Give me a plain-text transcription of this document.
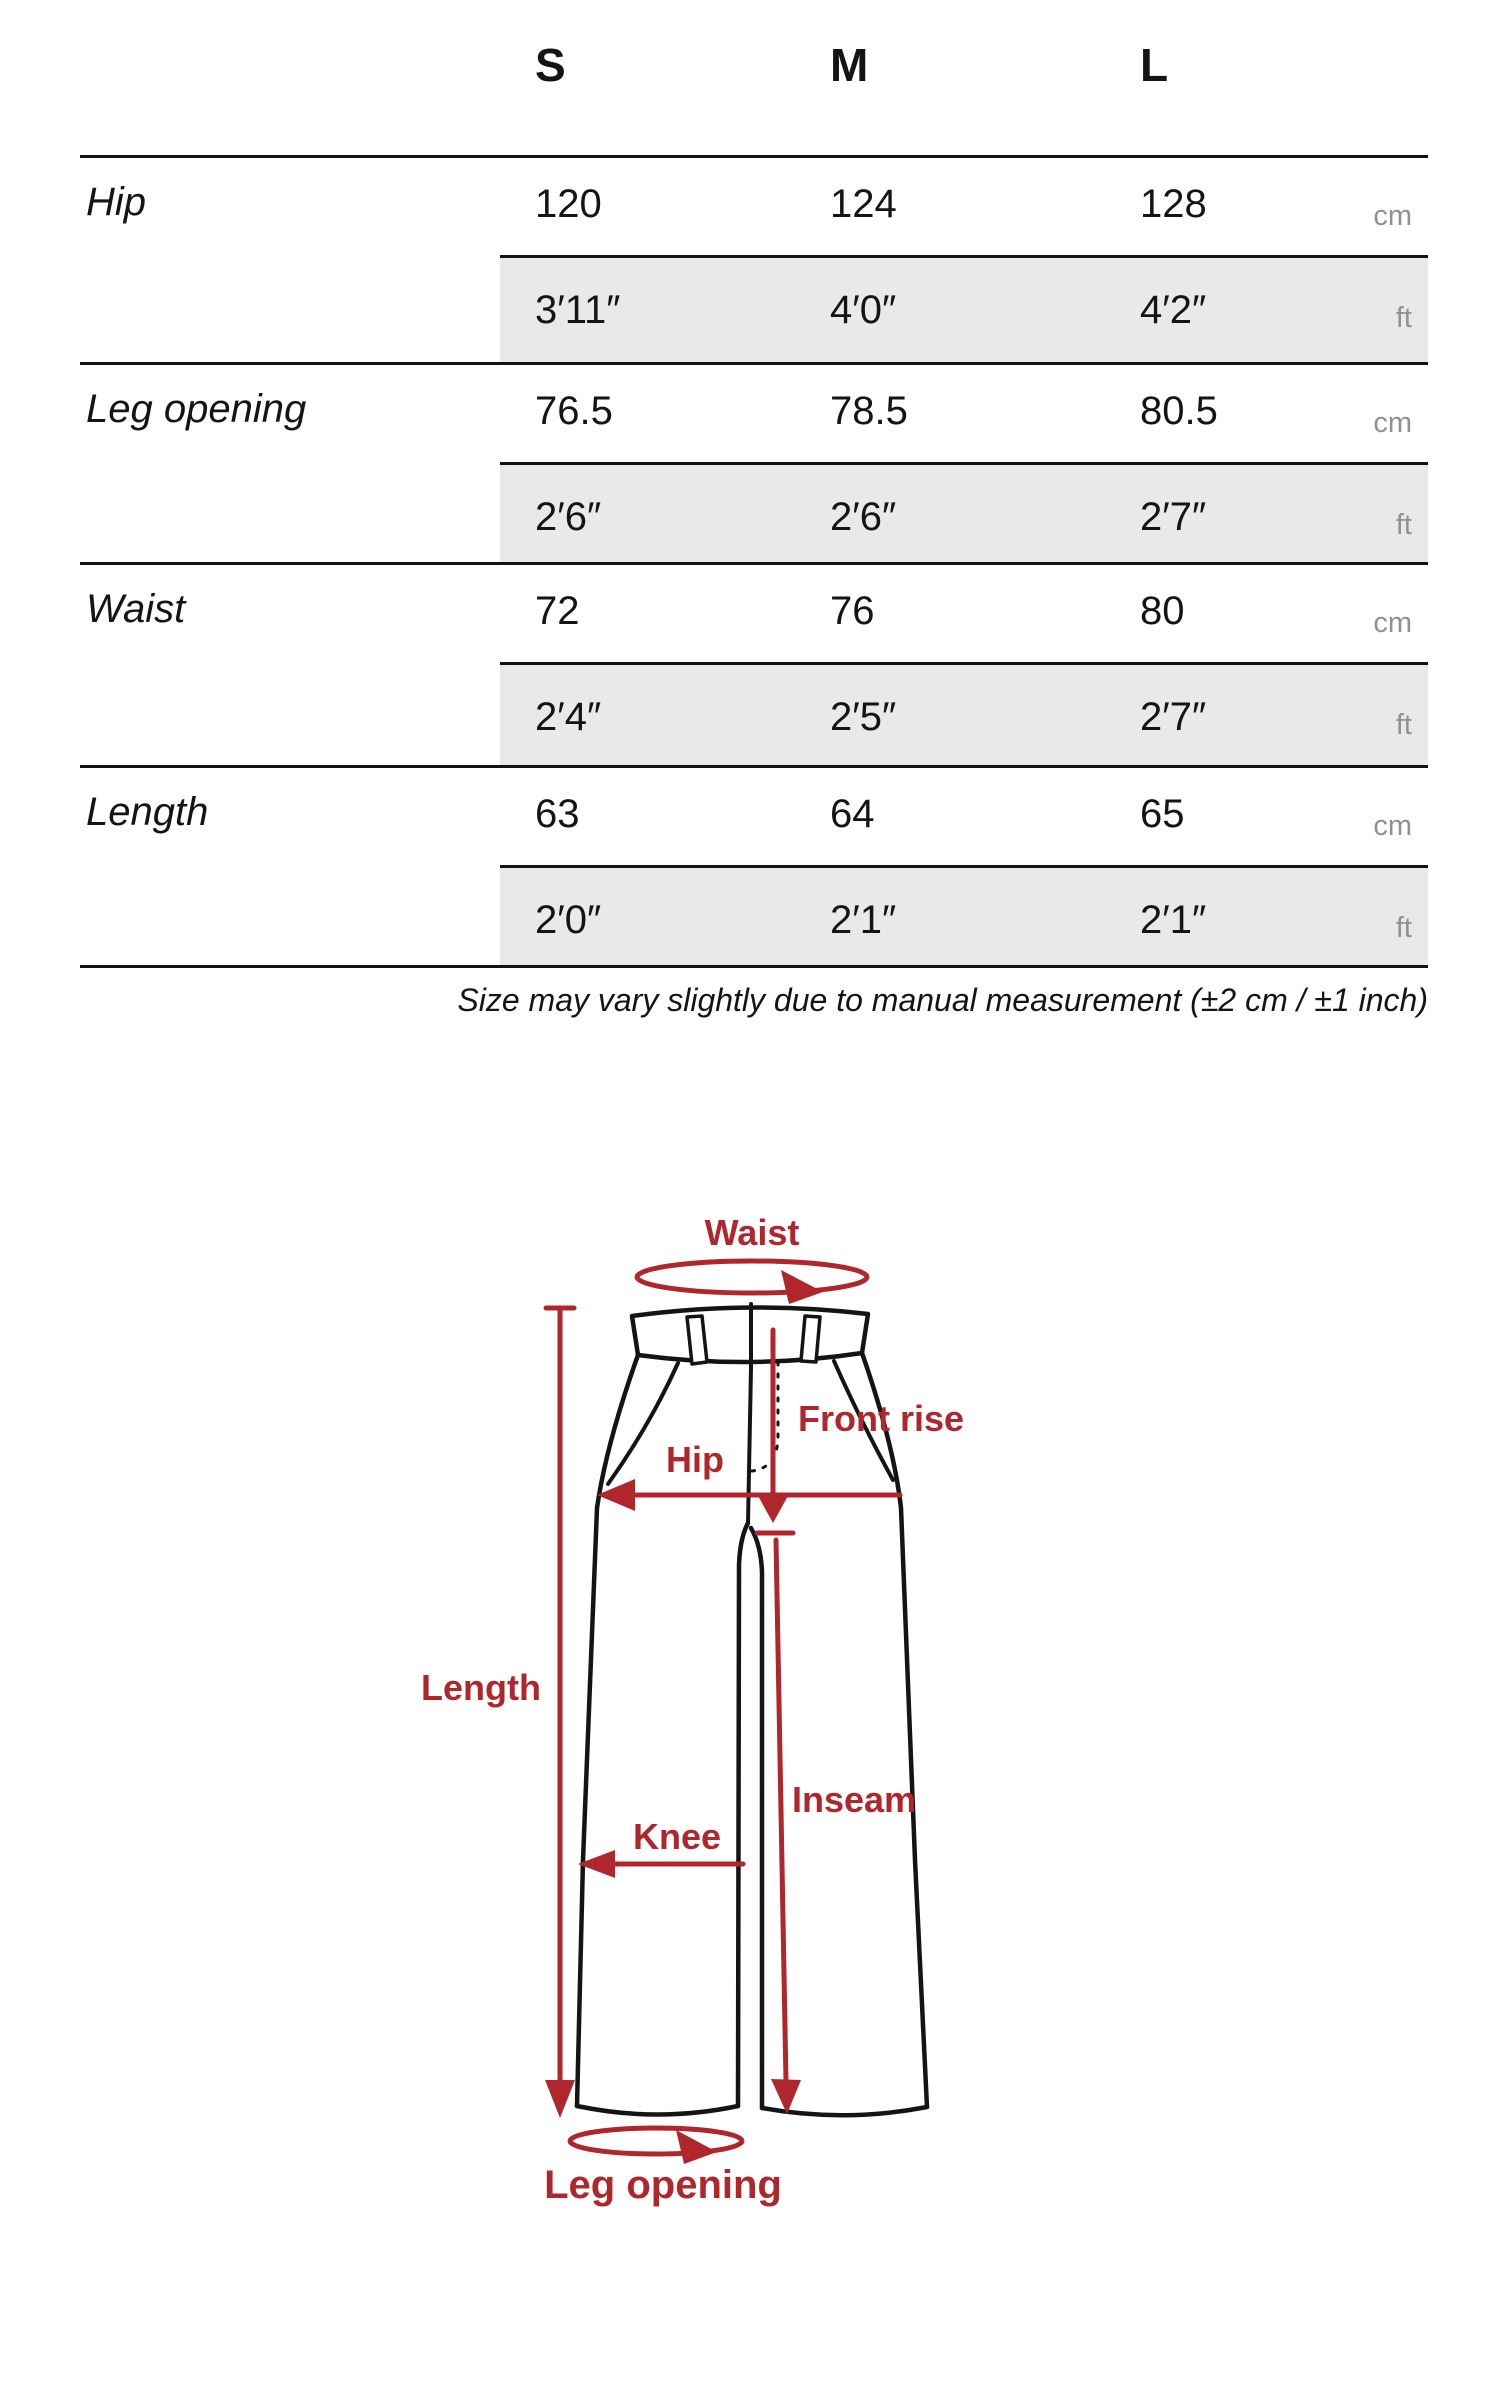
S	M	L
Hip	120	124	128	cm
3′11″	4′0″	4′2″	ft
Leg opening	76.5	78.5	80.5	cm
2′6″	2′6″	2′7″	ft
Waist	72	76	80	cm
2′4″	2′5″	2′7″	ft
Length	63	64	65	cm
2′0″	2′1″	2′1″	ft
Size may vary slightly due to manual measurement (±2 cm / ±1 inch)
Waist
Length
Front rise
Hip
Knee
Inseam
Leg opening
